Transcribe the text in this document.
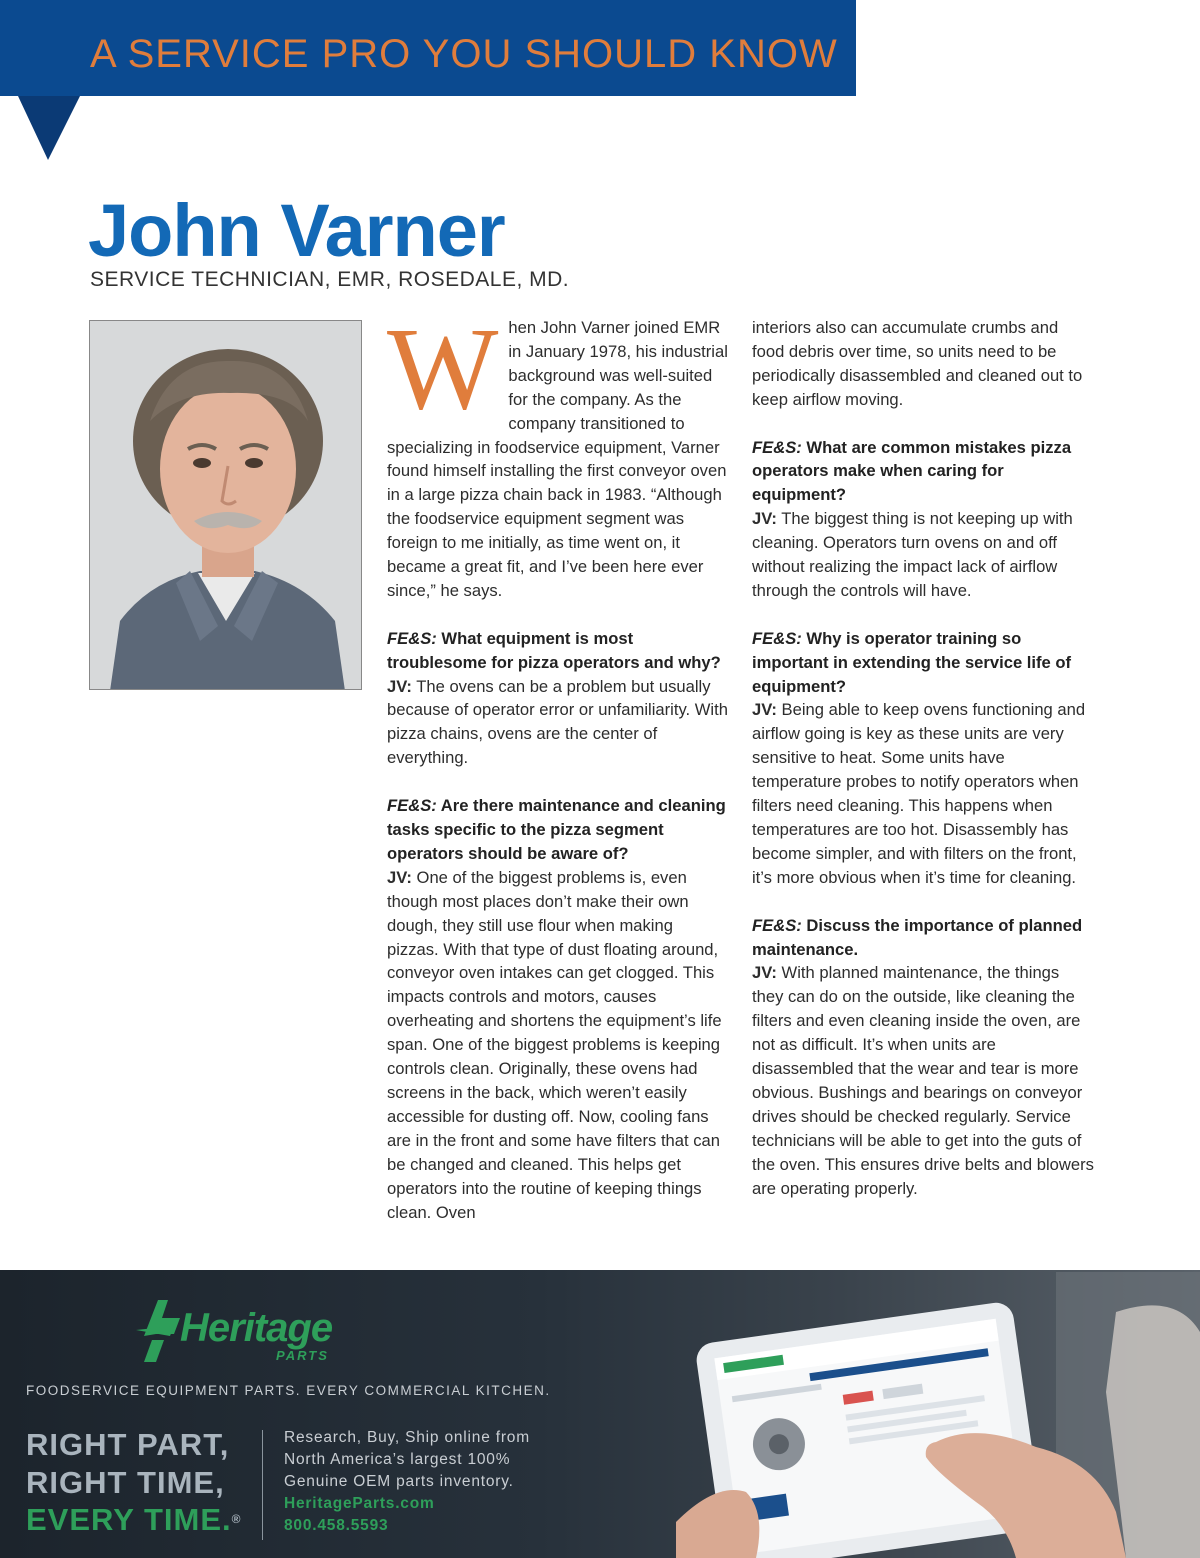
A SERVICE PRO YOU SHOULD KNOW
John Varner
SERVICE TECHNICIAN, EMR, ROSEDALE, MD.

When John Varner joined EMR in January 1978, his industrial background was well-suited for the company. As the company transitioned to specializing in foodservice equipment, Varner found himself installing the first conveyor oven in a large pizza chain back in 1983. “Although the foodservice equipment segment was foreign to me initially, as time went on, it became a great fit, and I’ve been here ever since,” he says.

FE&S: What equipment is most troublesome for pizza operators and why?
JV: The ovens can be a problem but usually because of operator error or unfamiliarity. With pizza chains, ovens are the center of everything.

FE&S: Are there maintenance and cleaning tasks specific to the pizza segment operators should be aware of?
JV: One of the biggest problems is, even though most places don’t make their own dough, they still use flour when making pizzas. With that type of dust floating around, conveyor oven intakes can get clogged. This impacts controls and motors, causes overheating and shortens the equipment’s life span. One of the biggest problems is keeping controls clean. Originally, these ovens had screens in the back, which weren’t easily accessible for dusting off. Now, cooling fans are in the front and some have filters that can be changed and cleaned. This helps get operators into the routine of keeping things clean. Oven

interiors also can accumulate crumbs and food debris over time, so units need to be periodically disassembled and cleaned out to keep airflow moving.

FE&S: What are common mistakes pizza operators make when caring for equipment?
JV: The biggest thing is not keeping up with cleaning. Operators turn ovens on and off without realizing the impact lack of airflow through the controls will have.

FE&S: Why is operator training so important in extending the service life of equipment?
JV: Being able to keep ovens functioning and airflow going is key as these units are very sensitive to heat. Some units have temperature probes to notify operators when filters need cleaning. This happens when temperatures are too hot. Disassembly has become simpler, and with filters on the front, it’s more obvious when it’s time for cleaning.

FE&S: Discuss the importance of planned maintenance.
JV: With planned maintenance, the things they can do on the outside, like cleaning the filters and even cleaning inside the oven, are not as difficult. It’s when units are disassembled that the wear and tear is more obvious. Bushings and bearings on conveyor drives should be checked regularly. Service technicians will be able to get into the guts of the oven. This ensures drive belts and blowers are operating properly.

Heritage
PARTS
FOODSERVICE EQUIPMENT PARTS. EVERY COMMERCIAL KITCHEN.
RIGHT PART,
RIGHT TIME,
EVERY TIME.®
Research, Buy, Ship online from
North America’s largest 100%
Genuine OEM parts inventory.
HeritageParts.com
800.458.5593
